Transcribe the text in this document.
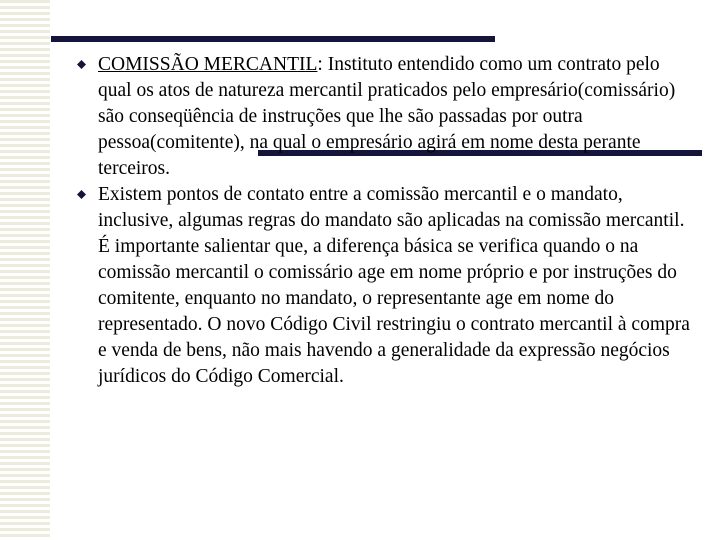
COMISSÃO MERCANTIL: Instituto entendido como um contrato pelo qual os atos de natureza mercantil praticados pelo empresário(comissário) são conseqüência de instruções que lhe são passadas por outra pessoa(comitente), na qual o empresário agirá em nome desta perante terceiros.

Existem pontos de contato entre a comissão mercantil e o mandato, inclusive, algumas regras do mandato são aplicadas na comissão mercantil. É importante salientar que, a diferença básica se verifica quando o na comissão mercantil o comissário age em nome próprio e por instruções do comitente, enquanto no mandato, o representante age em nome do representado. O novo Código Civil restringiu o contrato mercantil à compra e venda de bens, não mais havendo a generalidade da expressão negócios jurídicos do Código Comercial.
